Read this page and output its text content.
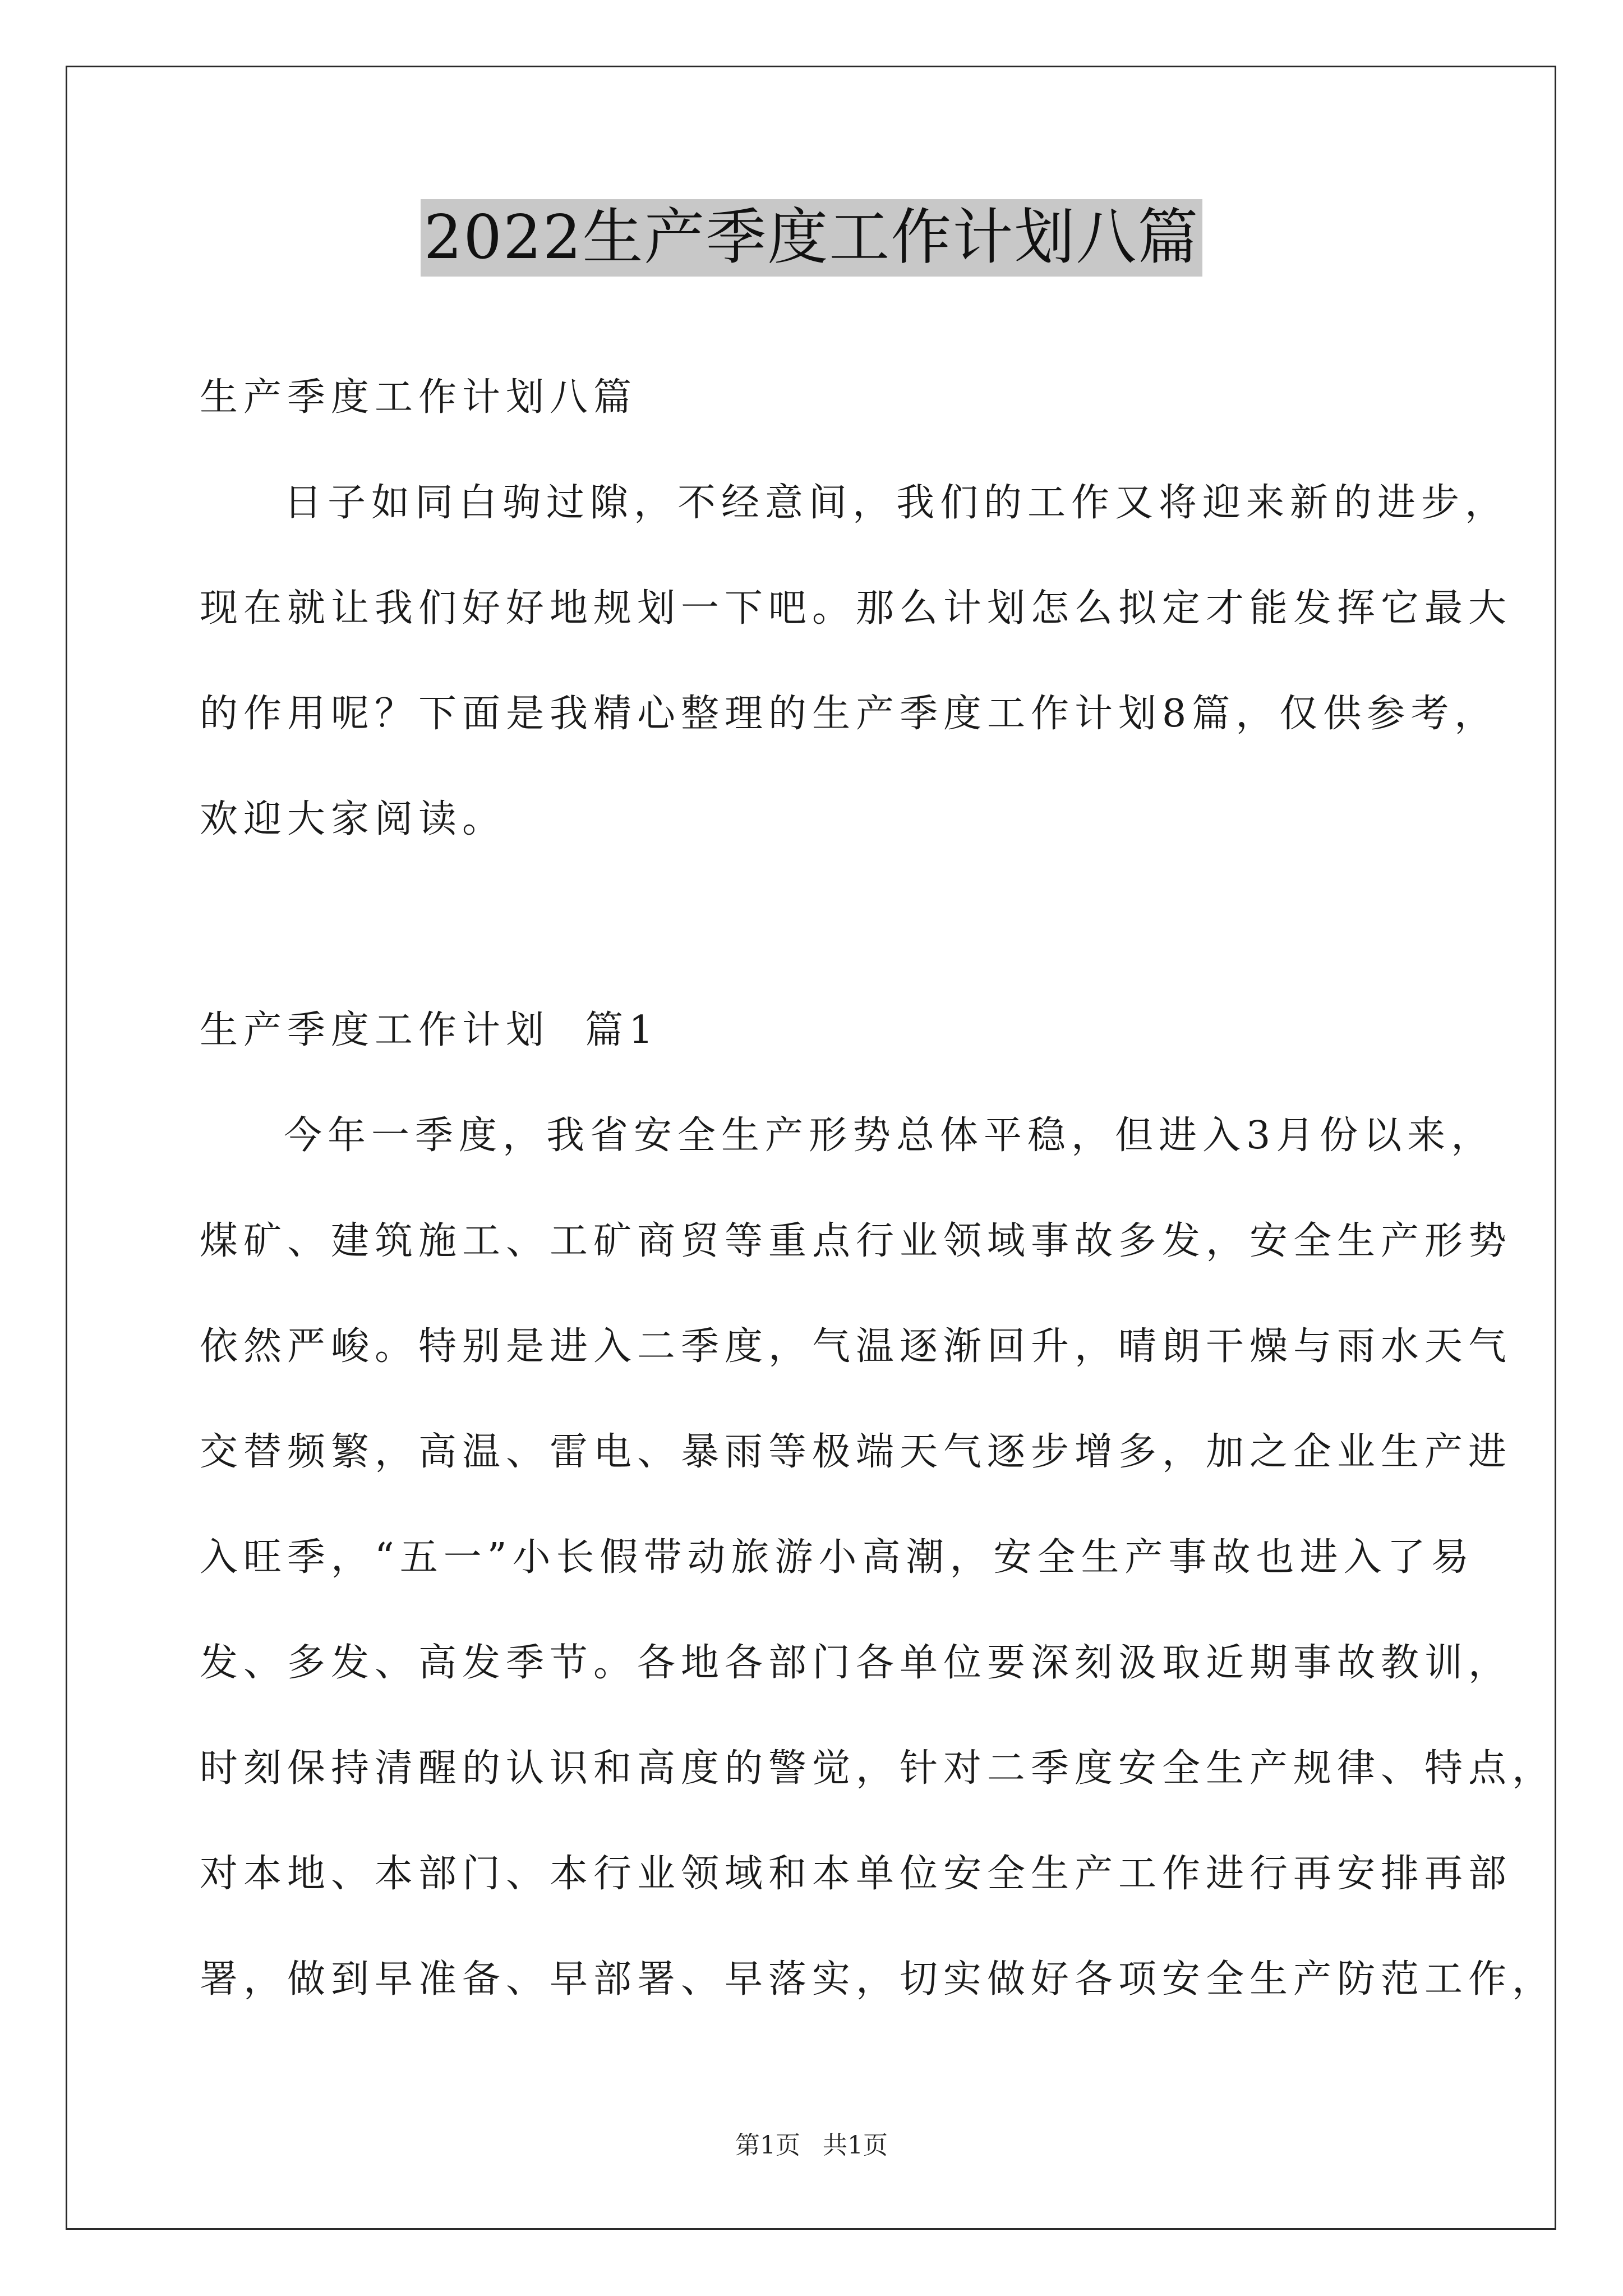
2022生产季度工作计划八篇
生产季度工作计划八篇
日子如同白驹过隙，不经意间，我们的工作又将迎来新的进步，
现在就让我们好好地规划一下吧。那么计划怎么拟定才能发挥它最大
的作用呢？下面是我精心整理的生产季度工作计划8篇，仅供参考，
欢迎大家阅读。
生产季度工作计划  篇1
今年一季度，我省安全生产形势总体平稳，但进入3月份以来，
煤矿、建筑施工、工矿商贸等重点行业领域事故多发，安全生产形势
依然严峻。特别是进入二季度，气温逐渐回升，晴朗干燥与雨水天气
交替频繁，高温、雷电、暴雨等极端天气逐步增多，加之企业生产进
入旺季，“五一”小长假带动旅游小高潮，安全生产事故也进入了易
发、多发、高发季节。各地各部门各单位要深刻汲取近期事故教训，
时刻保持清醒的认识和高度的警觉，针对二季度安全生产规律、特点，
对本地、本部门、本行业领域和本单位安全生产工作进行再安排再部
署，做到早准备、早部署、早落实，切实做好各项安全生产防范工作，
第1页 共1页
